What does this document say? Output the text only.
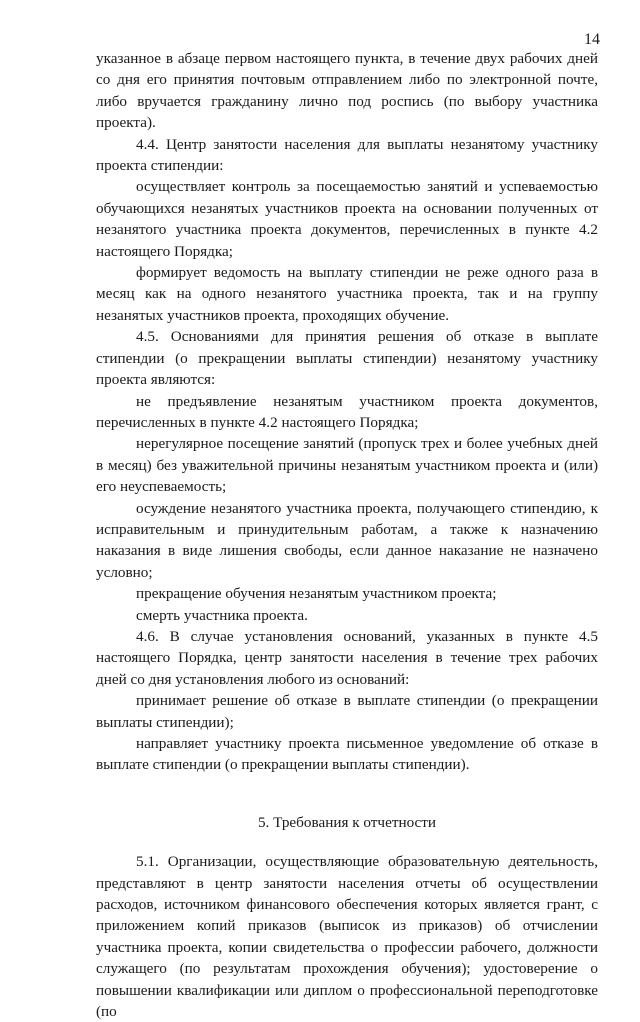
14

указанное в абзаце первом настоящего пункта, в течение двух рабочих дней со дня его принятия почтовым отправлением либо по электронной почте, либо вручается гражданину лично под роспись (по выбору участника проекта).

4.4. Центр занятости населения для выплаты незанятому участнику проекта стипендии:

осуществляет контроль за посещаемостью занятий и успеваемостью обучающихся незанятых участников проекта на основании полученных от незанятого участника проекта документов, перечисленных в пункте 4.2 настоящего Порядка;

формирует ведомость на выплату стипендии не реже одного раза в месяц как на одного незанятого участника проекта, так и на группу незанятых участников проекта, проходящих обучение.

4.5. Основаниями для принятия решения об отказе в выплате стипендии (о прекращении выплаты стипендии) незанятому участнику проекта являются:

не предъявление незанятым участником проекта документов, перечисленных в пункте 4.2 настоящего Порядка;

нерегулярное посещение занятий (пропуск трех и более учебных дней в месяц) без уважительной причины незанятым участником проекта и (или) его неуспеваемость;

осуждение незанятого участника проекта, получающего стипендию, к исправительным и принудительным работам, а также к назначению наказания в виде лишения свободы, если данное наказание не назначено условно;

прекращение обучения незанятым участником проекта;

смерть участника проекта.

4.6. В случае установления оснований, указанных в пункте 4.5 настоящего Порядка, центр занятости населения в течение трех рабочих дней со дня установления любого из оснований:

принимает решение об отказе в выплате стипендии (о прекращении выплаты стипендии);

направляет участнику проекта письменное уведомление об отказе в выплате стипендии (о прекращении выплаты стипендии).

5. Требования к отчетности

5.1. Организации, осуществляющие образовательную деятельность, представляют в центр занятости населения отчеты об осуществлении расходов, источником финансового обеспечения которых является грант, с приложением копий приказов (выписок из приказов) об отчислении участника проекта, копии свидетельства о профессии рабочего, должности служащего (по результатам прохождения обучения); удостоверение о повышении квалификации или диплом о профессиональной переподготовке (по
